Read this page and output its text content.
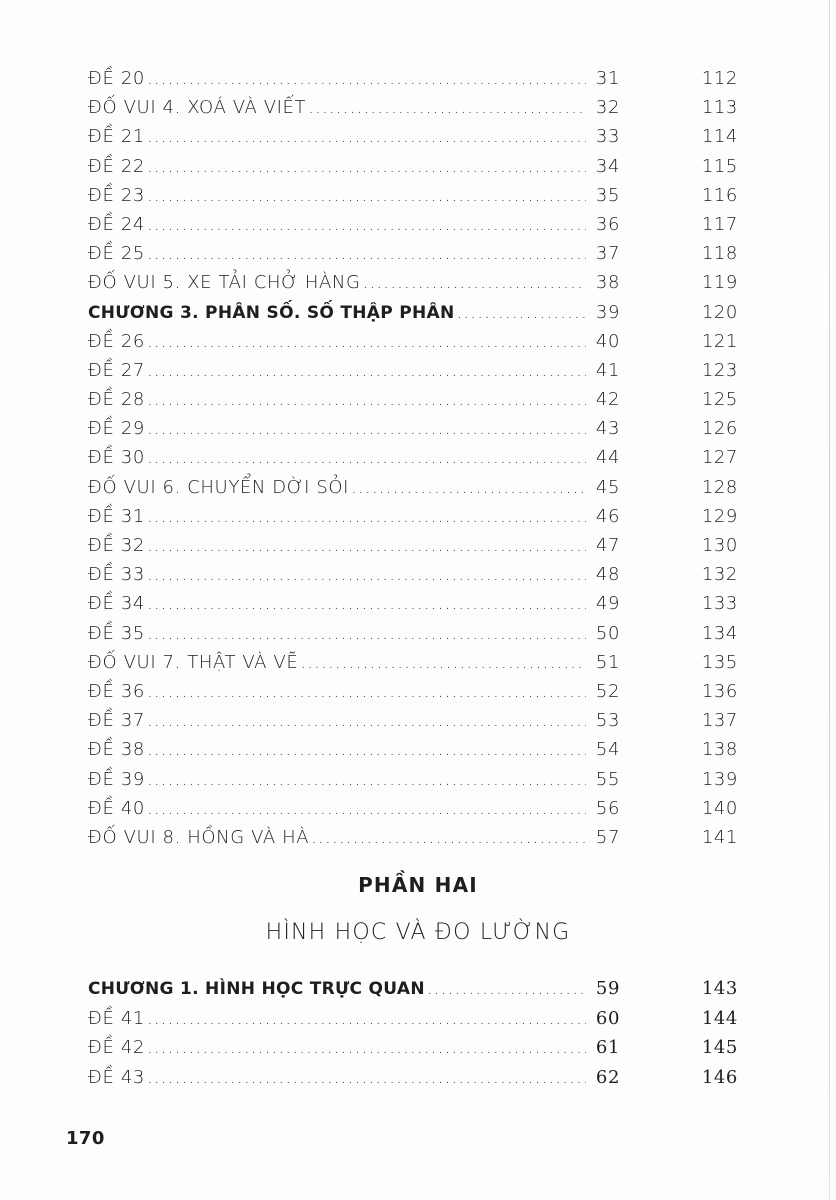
ĐỀ 20 .....	31	112
ĐỐ VUI 4. XOÁ VÀ VIẾT .....	32	113
ĐỀ 21 .....	33	114
ĐỀ 22 .....	34	115
ĐỀ 23 .....	35	116
ĐỀ 24 .....	36	117
ĐỀ 25 .....	37	118
ĐỐ VUI 5. XE TẢI CHỞ HÀNG .....	38	119
CHƯƠNG 3. PHÂN SỐ. SỐ THẬP PHÂN .....	39	120
ĐỀ 26 .....	40	121
ĐỀ 27 .....	41	123
ĐỀ 28 .....	42	125
ĐỀ 29 .....	43	126
ĐỀ 30 .....	44	127
ĐỐ VUI 6. CHUYỂN DỜI SỎI .....	45	128
ĐỀ 31 .....	46	129
ĐỀ 32 .....	47	130
ĐỀ 33 .....	48	132
ĐỀ 34 .....	49	133
ĐỀ 35 .....	50	134
ĐỐ VUI 7. THẬT VÀ VẼ .....	51	135
ĐỀ 36 .....	52	136
ĐỀ 37 .....	53	137
ĐỀ 38 .....	54	138
ĐỀ 39 .....	55	139
ĐỀ 40 .....	56	140
ĐỐ VUI 8. HỒNG VÀ HÀ .....	57	141
PHẦN HAI
HÌNH HỌC VÀ ĐO LƯỜNG
CHƯƠNG 1. HÌNH HỌC TRỰC QUAN .....	59	143
ĐỀ 41 .....	60	144
ĐỀ 42 .....	61	145
ĐỀ 43 .....	62	146
170
